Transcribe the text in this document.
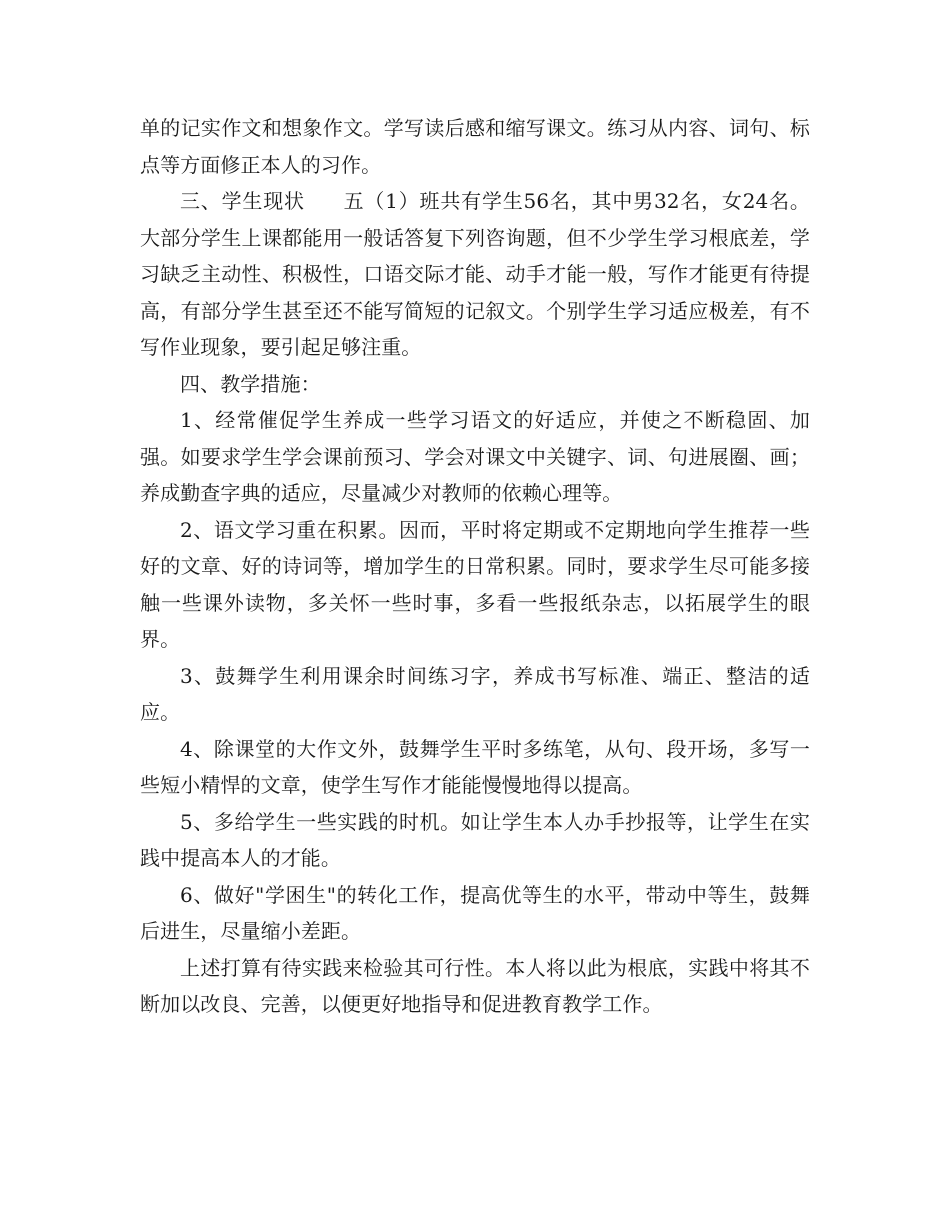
单的记实作文和想象作文。学写读后感和缩写课文。练习从内容、词句、标点等方面修正本人的习作。

三、学生现状 五（1）班共有学生56名，其中男32名，女24名。大部分学生上课都能用一般话答复下列咨询题，但不少学生学习根底差，学习缺乏主动性、积极性，口语交际才能、动手才能一般，写作才能更有待提高，有部分学生甚至还不能写简短的记叙文。个别学生学习适应极差，有不写作业现象，要引起足够注重。

四、教学措施：

1、经常催促学生养成一些学习语文的好适应，并使之不断稳固、加强。如要求学生学会课前预习、学会对课文中关键字、词、句进展圈、画；养成勤查字典的适应，尽量减少对教师的依赖心理等。

2、语文学习重在积累。因而，平时将定期或不定期地向学生推荐一些好的文章、好的诗词等，增加学生的日常积累。同时，要求学生尽可能多接触一些课外读物，多关怀一些时事，多看一些报纸杂志，以拓展学生的眼界。

3、鼓舞学生利用课余时间练习字，养成书写标准、端正、整洁的适应。

4、除课堂的大作文外，鼓舞学生平时多练笔，从句、段开场，多写一些短小精悍的文章，使学生写作才能能慢慢地得以提高。

5、多给学生一些实践的时机。如让学生本人办手抄报等，让学生在实践中提高本人的才能。

6、做好"学困生"的转化工作，提高优等生的水平，带动中等生，鼓舞后进生，尽量缩小差距。

上述打算有待实践来检验其可行性。本人将以此为根底，实践中将其不断加以改良、完善，以便更好地指导和促进教育教学工作。
